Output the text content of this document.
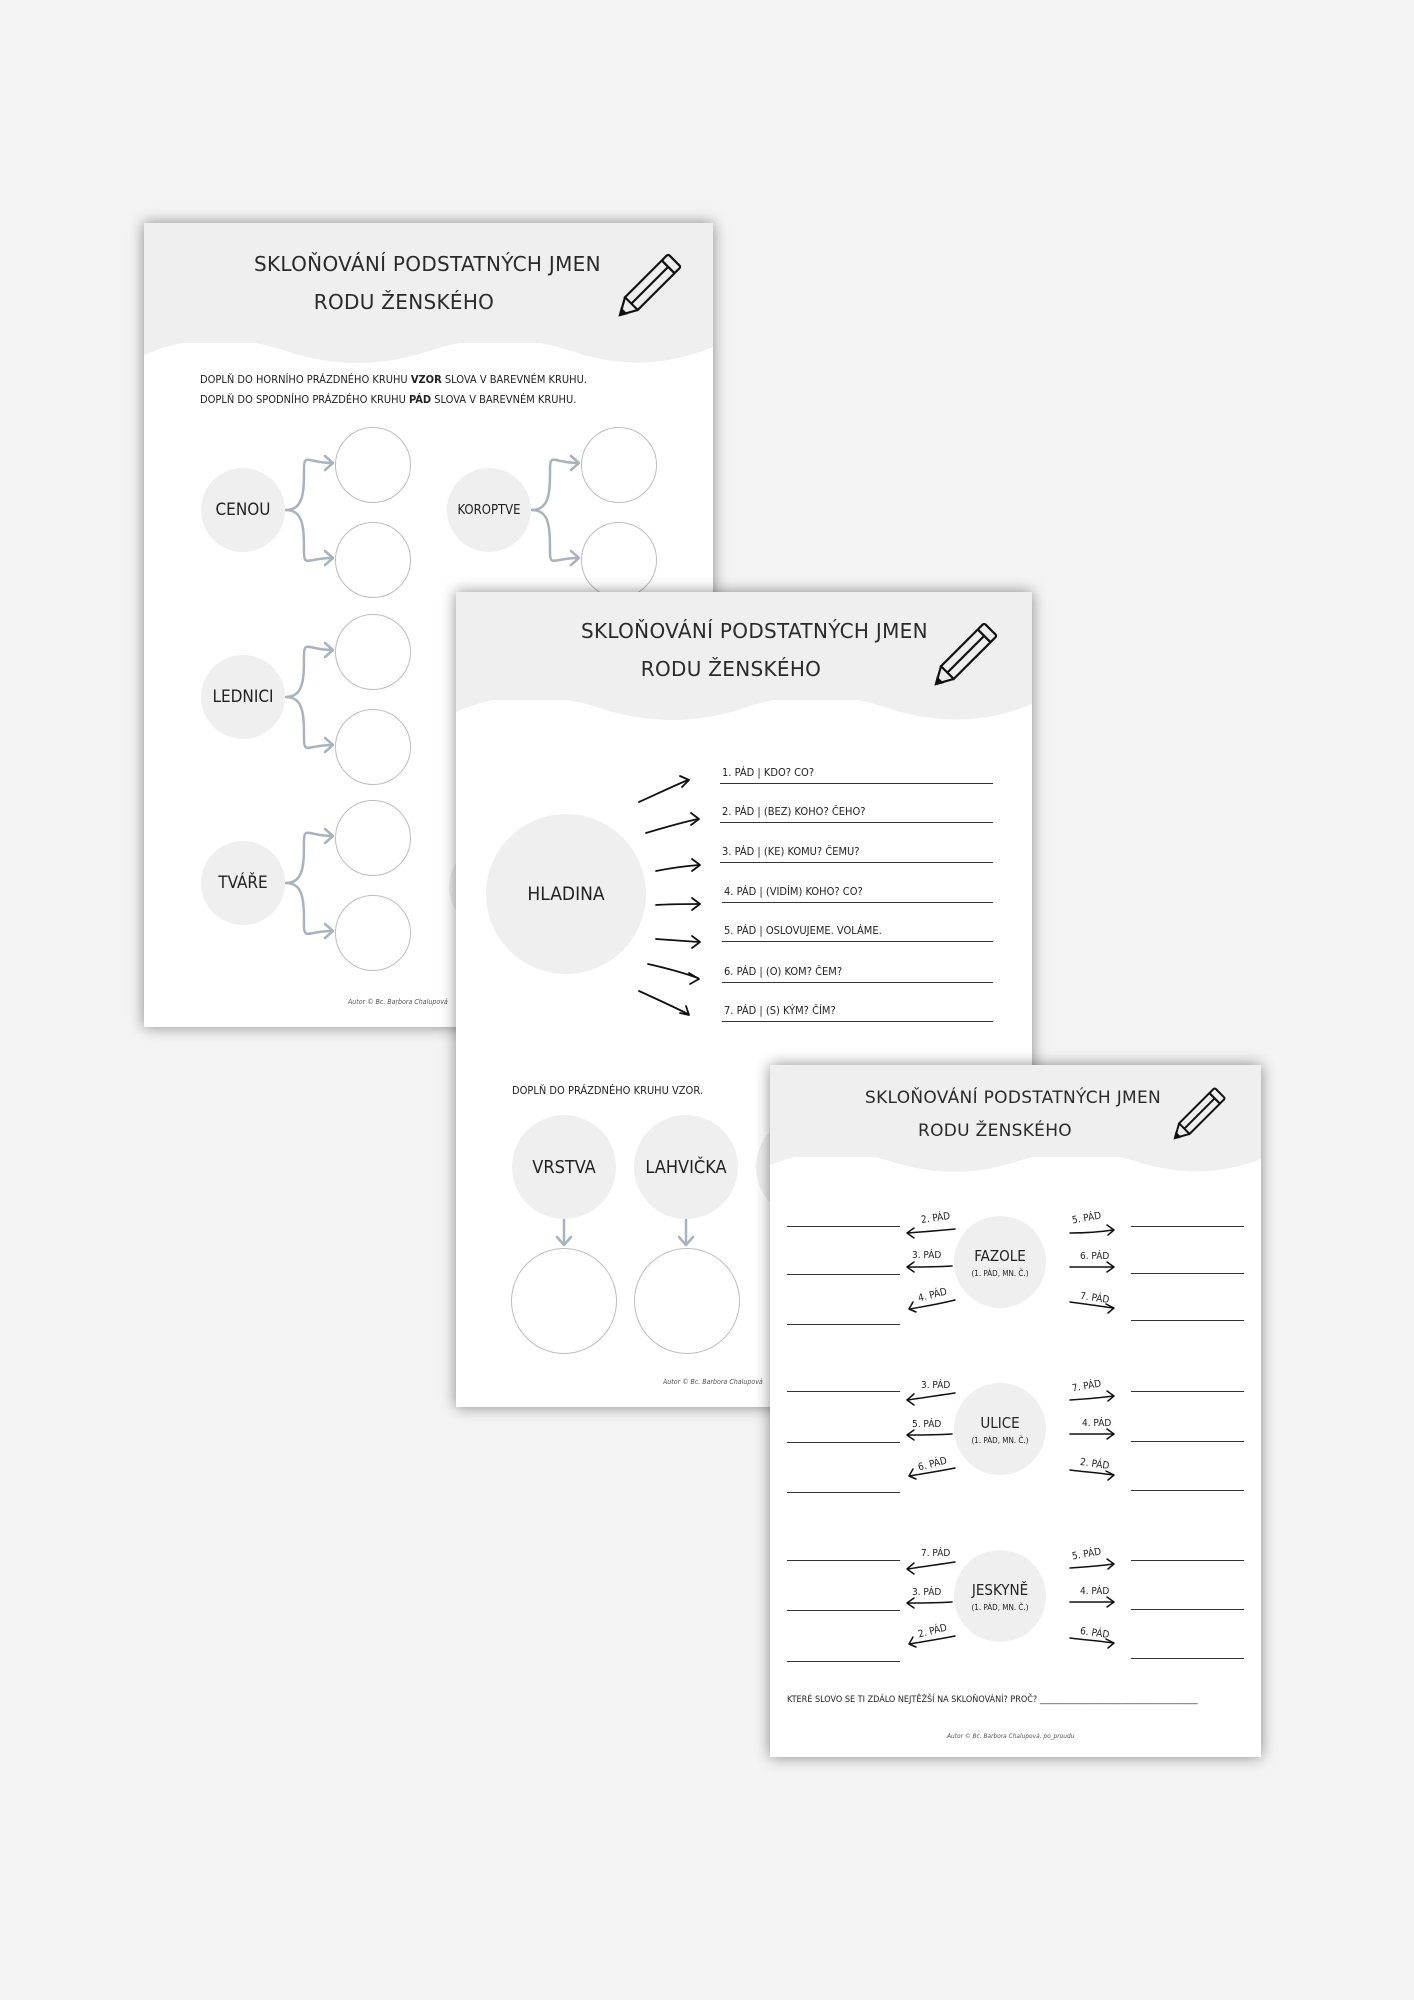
SKLOŇOVÁNÍ PODSTATNÝCH JMEN
RODU ŽENSKÉHO
DOPLŇ DO HORNÍHO PRÁZDNÉHO KRUHU VZOR SLOVA V BAREVNÉM KRUHU.
DOPLŇ DO SPODNÍHO PRÁZDÉHO KRUHU PÁD SLOVA V BAREVNÉM KRUHU.
CENOU	KOROPTVE
LEDNICI
TVÁŘE
Autor © Bc. Barbora Chalupová
SKLOŇOVÁNÍ PODSTATNÝCH JMEN
RODU ŽENSKÉHO
HLADINA
1. PÁD | KDO? CO?
2. PÁD | (BEZ) KOHO? ČEHO?
3. PÁD | (KE) KOMU? ČEMU?
4. PÁD | (VIDÍM) KOHO? CO?
5. PÁD | OSLOVUJEME. VOLÁME.
6. PÁD | (O) KOM? ČEM?
7. PÁD | (S) KÝM? ČÍM?
DOPLŇ DO PRÁZDNÉHO KRUHU VZOR.
VRSTVA	LAHVIČKA
Autor © Bc. Barbora Chalupová
SKLOŇOVÁNÍ PODSTATNÝCH JMEN
RODU ŽENSKÉHO
FAZOLE
(1. PÁD, MN. Č.)
ULICE
(1. PÁD, MN. Č.)
JESKYNĚ
(1. PÁD, MN. Č.)
2. PÁD
3. PÁD
4. PÁD
5. PÁD
6. PÁD
7. PÁD
3. PÁD
5. PÁD
6. PÁD
7. PÁD
4. PÁD
2. PÁD
7. PÁD
3. PÁD
2. PÁD
5. PÁD
4. PÁD
6. PÁD
KTERÉ SLOVO SE TI ZDÁLO NEJTĚŽŠÍ NA SKLOŇOVÁNÍ? PROČ? _______________________________________
Autor © Bc. Barbora Chalupová, po_proudu
